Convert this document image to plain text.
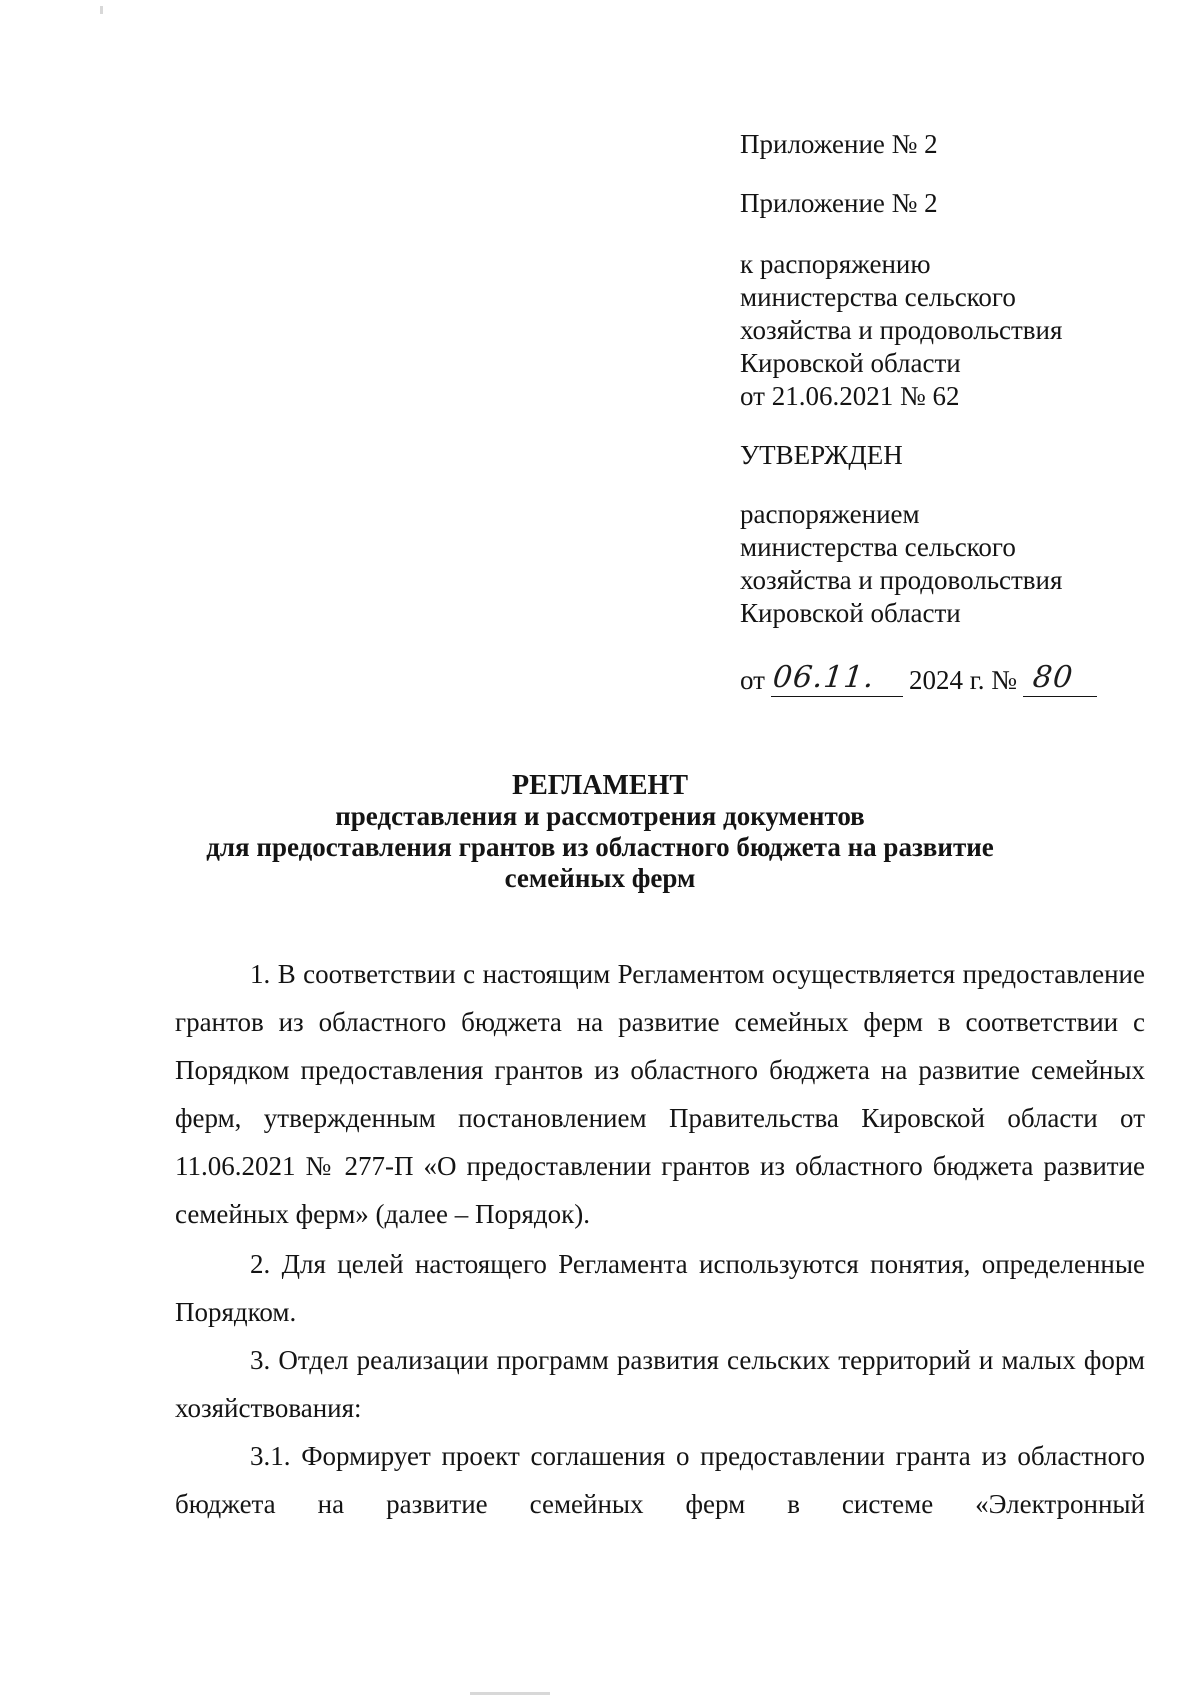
Приложение № 2
Приложение № 2
к распоряжению
министерства сельского
хозяйства и продовольствия
Кировской области
от 21.06.2021 № 62
УТВЕРЖДЕН
распоряжением
министерства сельского
хозяйства и продовольствия
Кировской области
от 06.11. 2024 г. № 80
РЕГЛАМЕНТ
представления и рассмотрения документов
для предоставления грантов из областного бюджета на развитие
семейных ферм

1. В соответствии с настоящим Регламентом осуществляется предоставление грантов из областного бюджета на развитие семейных ферм в соответствии с Порядком предоставления грантов из областного бюджета на развитие семейных ферм, утвержденным постановлением Правительства Кировской области от 11.06.2021 № 277-П «О предоставлении грантов из областного бюджета развитие семейных ферм» (далее – Порядок).

2. Для целей настоящего Регламента используются понятия, определенные Порядком.

3. Отдел реализации программ развития сельских территорий и малых форм хозяйствования:

3.1. Формирует проект соглашения о предоставлении гранта из областного бюджета на развитие семейных ферм в системе «Электронный
